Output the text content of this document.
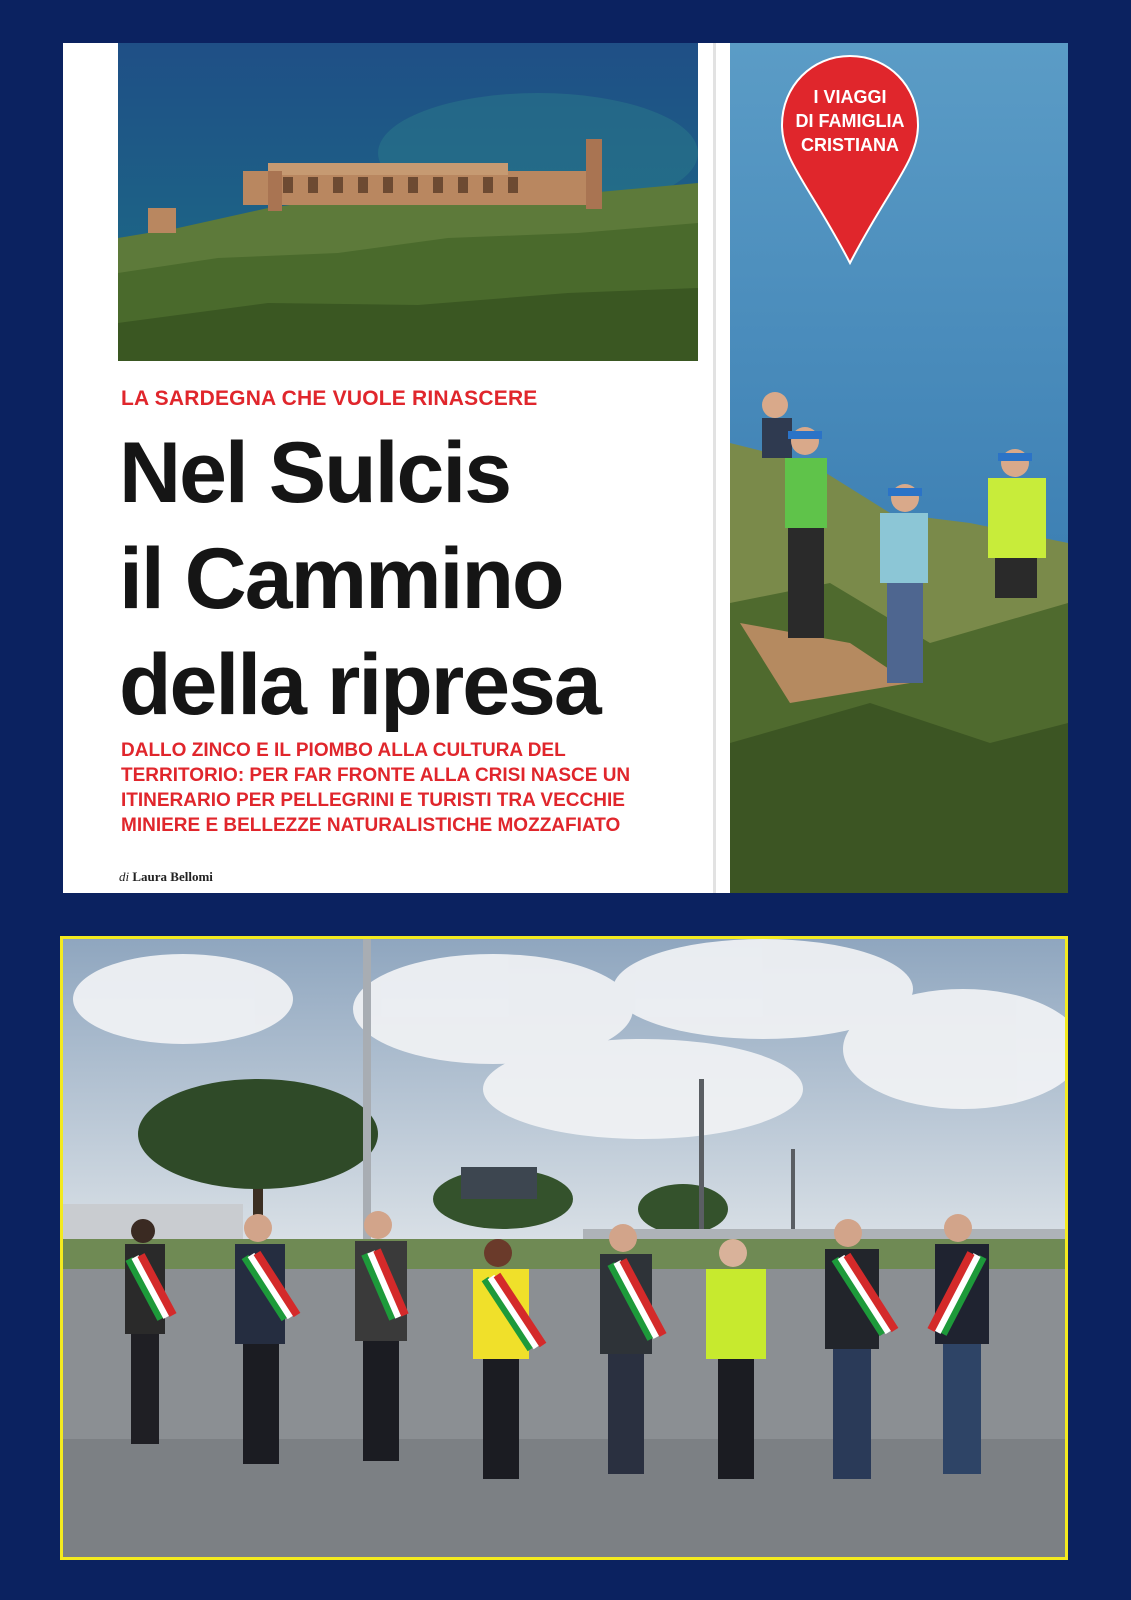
I VIAGGI
DI FAMIGLIA
CRISTIANA
LA SARDEGNA CHE VUOLE RINASCERE
Nel Sulcis
il Cammino
della ripresa
DALLO ZINCO E IL PIOMBO ALLA CULTURA DEL
TERRITORIO: PER FAR FRONTE ALLA CRISI NASCE UN
ITINERARIO PER PELLEGRINI E TURISTI TRA VECCHIE
MINIERE E BELLEZZE NATURALISTICHE MOZZAFIATO
di Laura Bellomi
